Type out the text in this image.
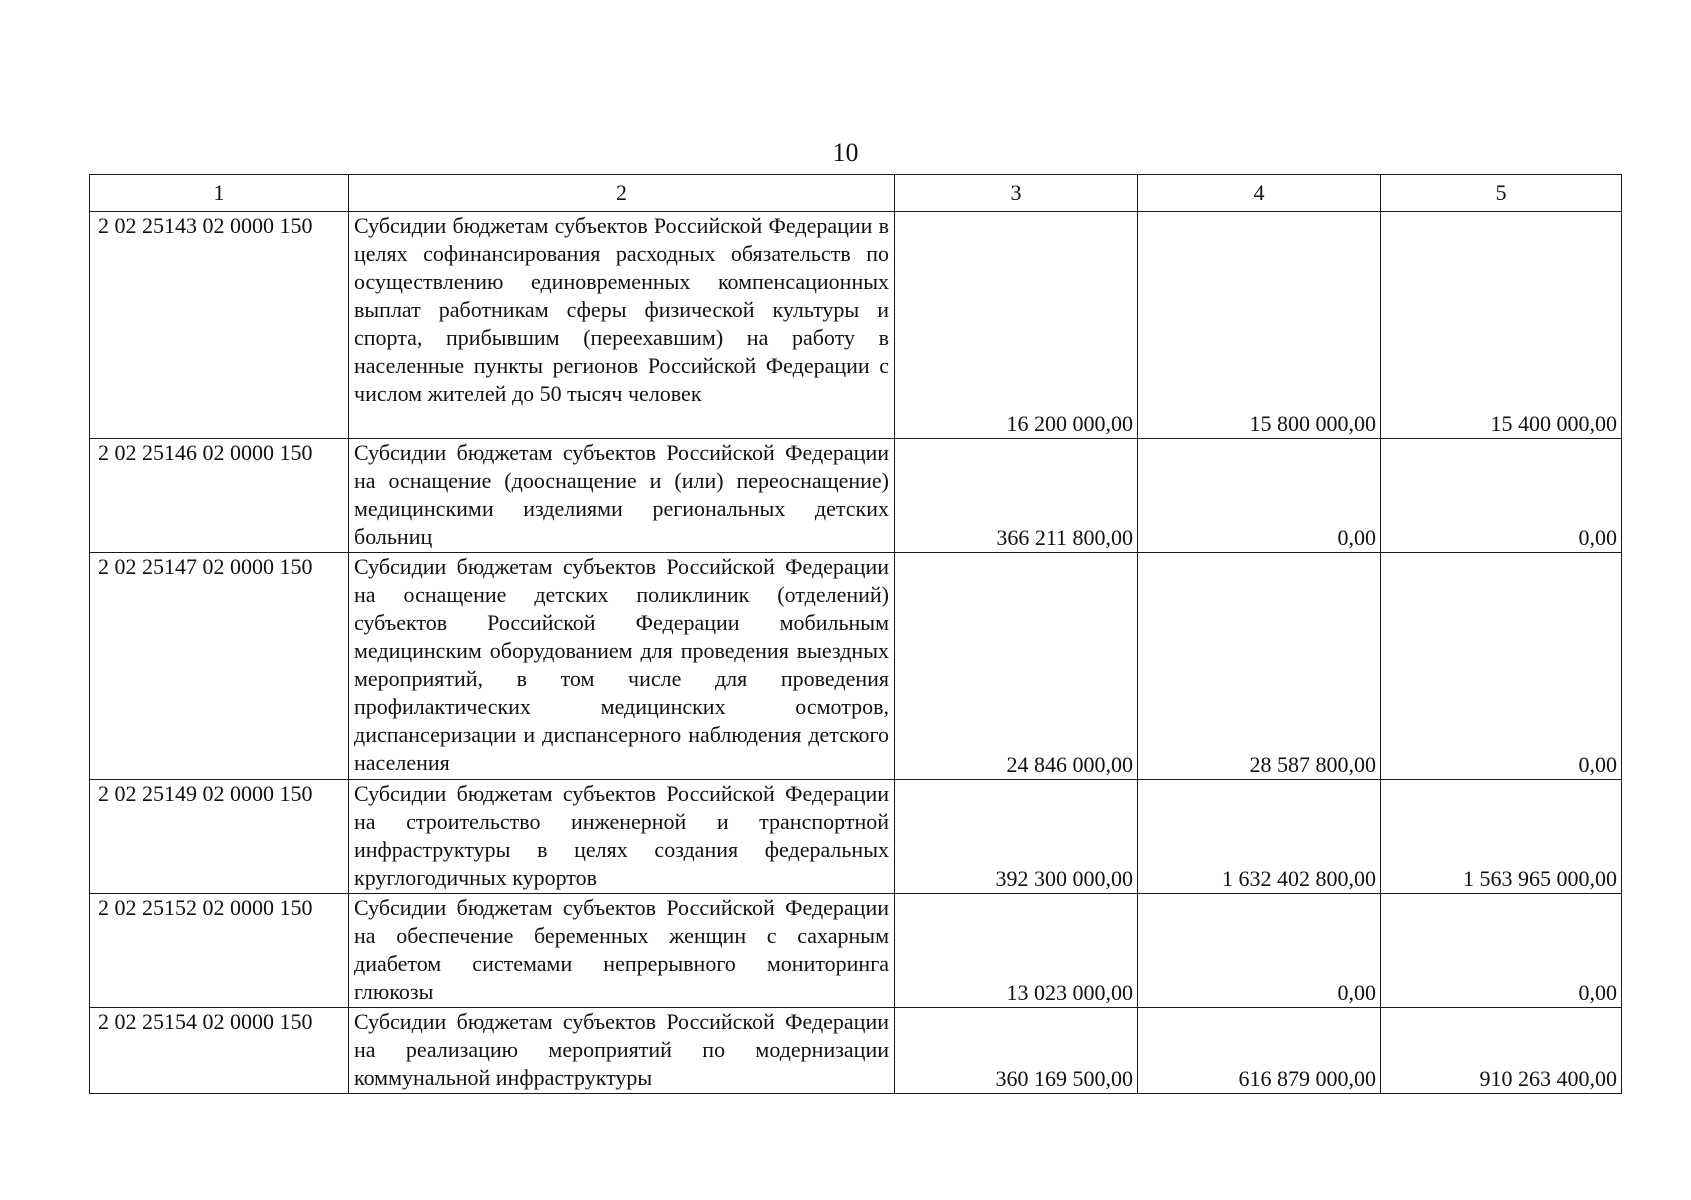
10
1	2	3	4	5
2 02 25143 02 0000 150	Субсидии бюджетам субъектов Российской Федерации в целях софинансирования расходных обязательств по осуществлению единовременных компенсационных выплат работникам сферы физической культуры и спорта, прибывшим (переехавшим) на работу в населенные пункты регионов Российской Федерации с числом жителей до 50 тысяч человек	16 200 000,00	15 800 000,00	15 400 000,00
2 02 25146 02 0000 150	Субсидии бюджетам субъектов Российской Федерации на оснащение (дооснащение и (или) переоснащение) медицинскими изделиями региональных детских больниц	366 211 800,00	0,00	0,00
2 02 25147 02 0000 150	Субсидии бюджетам субъектов Российской Федерации на оснащение детских поликлиник (отделений) субъектов Российской Федерации мобильным медицинским оборудованием для проведения выездных мероприятий, в том числе для проведения профилактических медицинских осмотров, диспансеризации и диспансерного наблюдения детского населения	24 846 000,00	28 587 800,00	0,00
2 02 25149 02 0000 150	Субсидии бюджетам субъектов Российской Федерации на строительство инженерной и транспортной инфраструктуры в целях создания федеральных круглогодичных курортов	392 300 000,00	1 632 402 800,00	1 563 965 000,00
2 02 25152 02 0000 150	Субсидии бюджетам субъектов Российской Федерации на обеспечение беременных женщин с сахарным диабетом системами непрерывного мониторинга глюкозы	13 023 000,00	0,00	0,00
2 02 25154 02 0000 150	Субсидии бюджетам субъектов Российской Федерации на реализацию мероприятий по модернизации коммунальной инфраструктуры	360 169 500,00	616 879 000,00	910 263 400,00
